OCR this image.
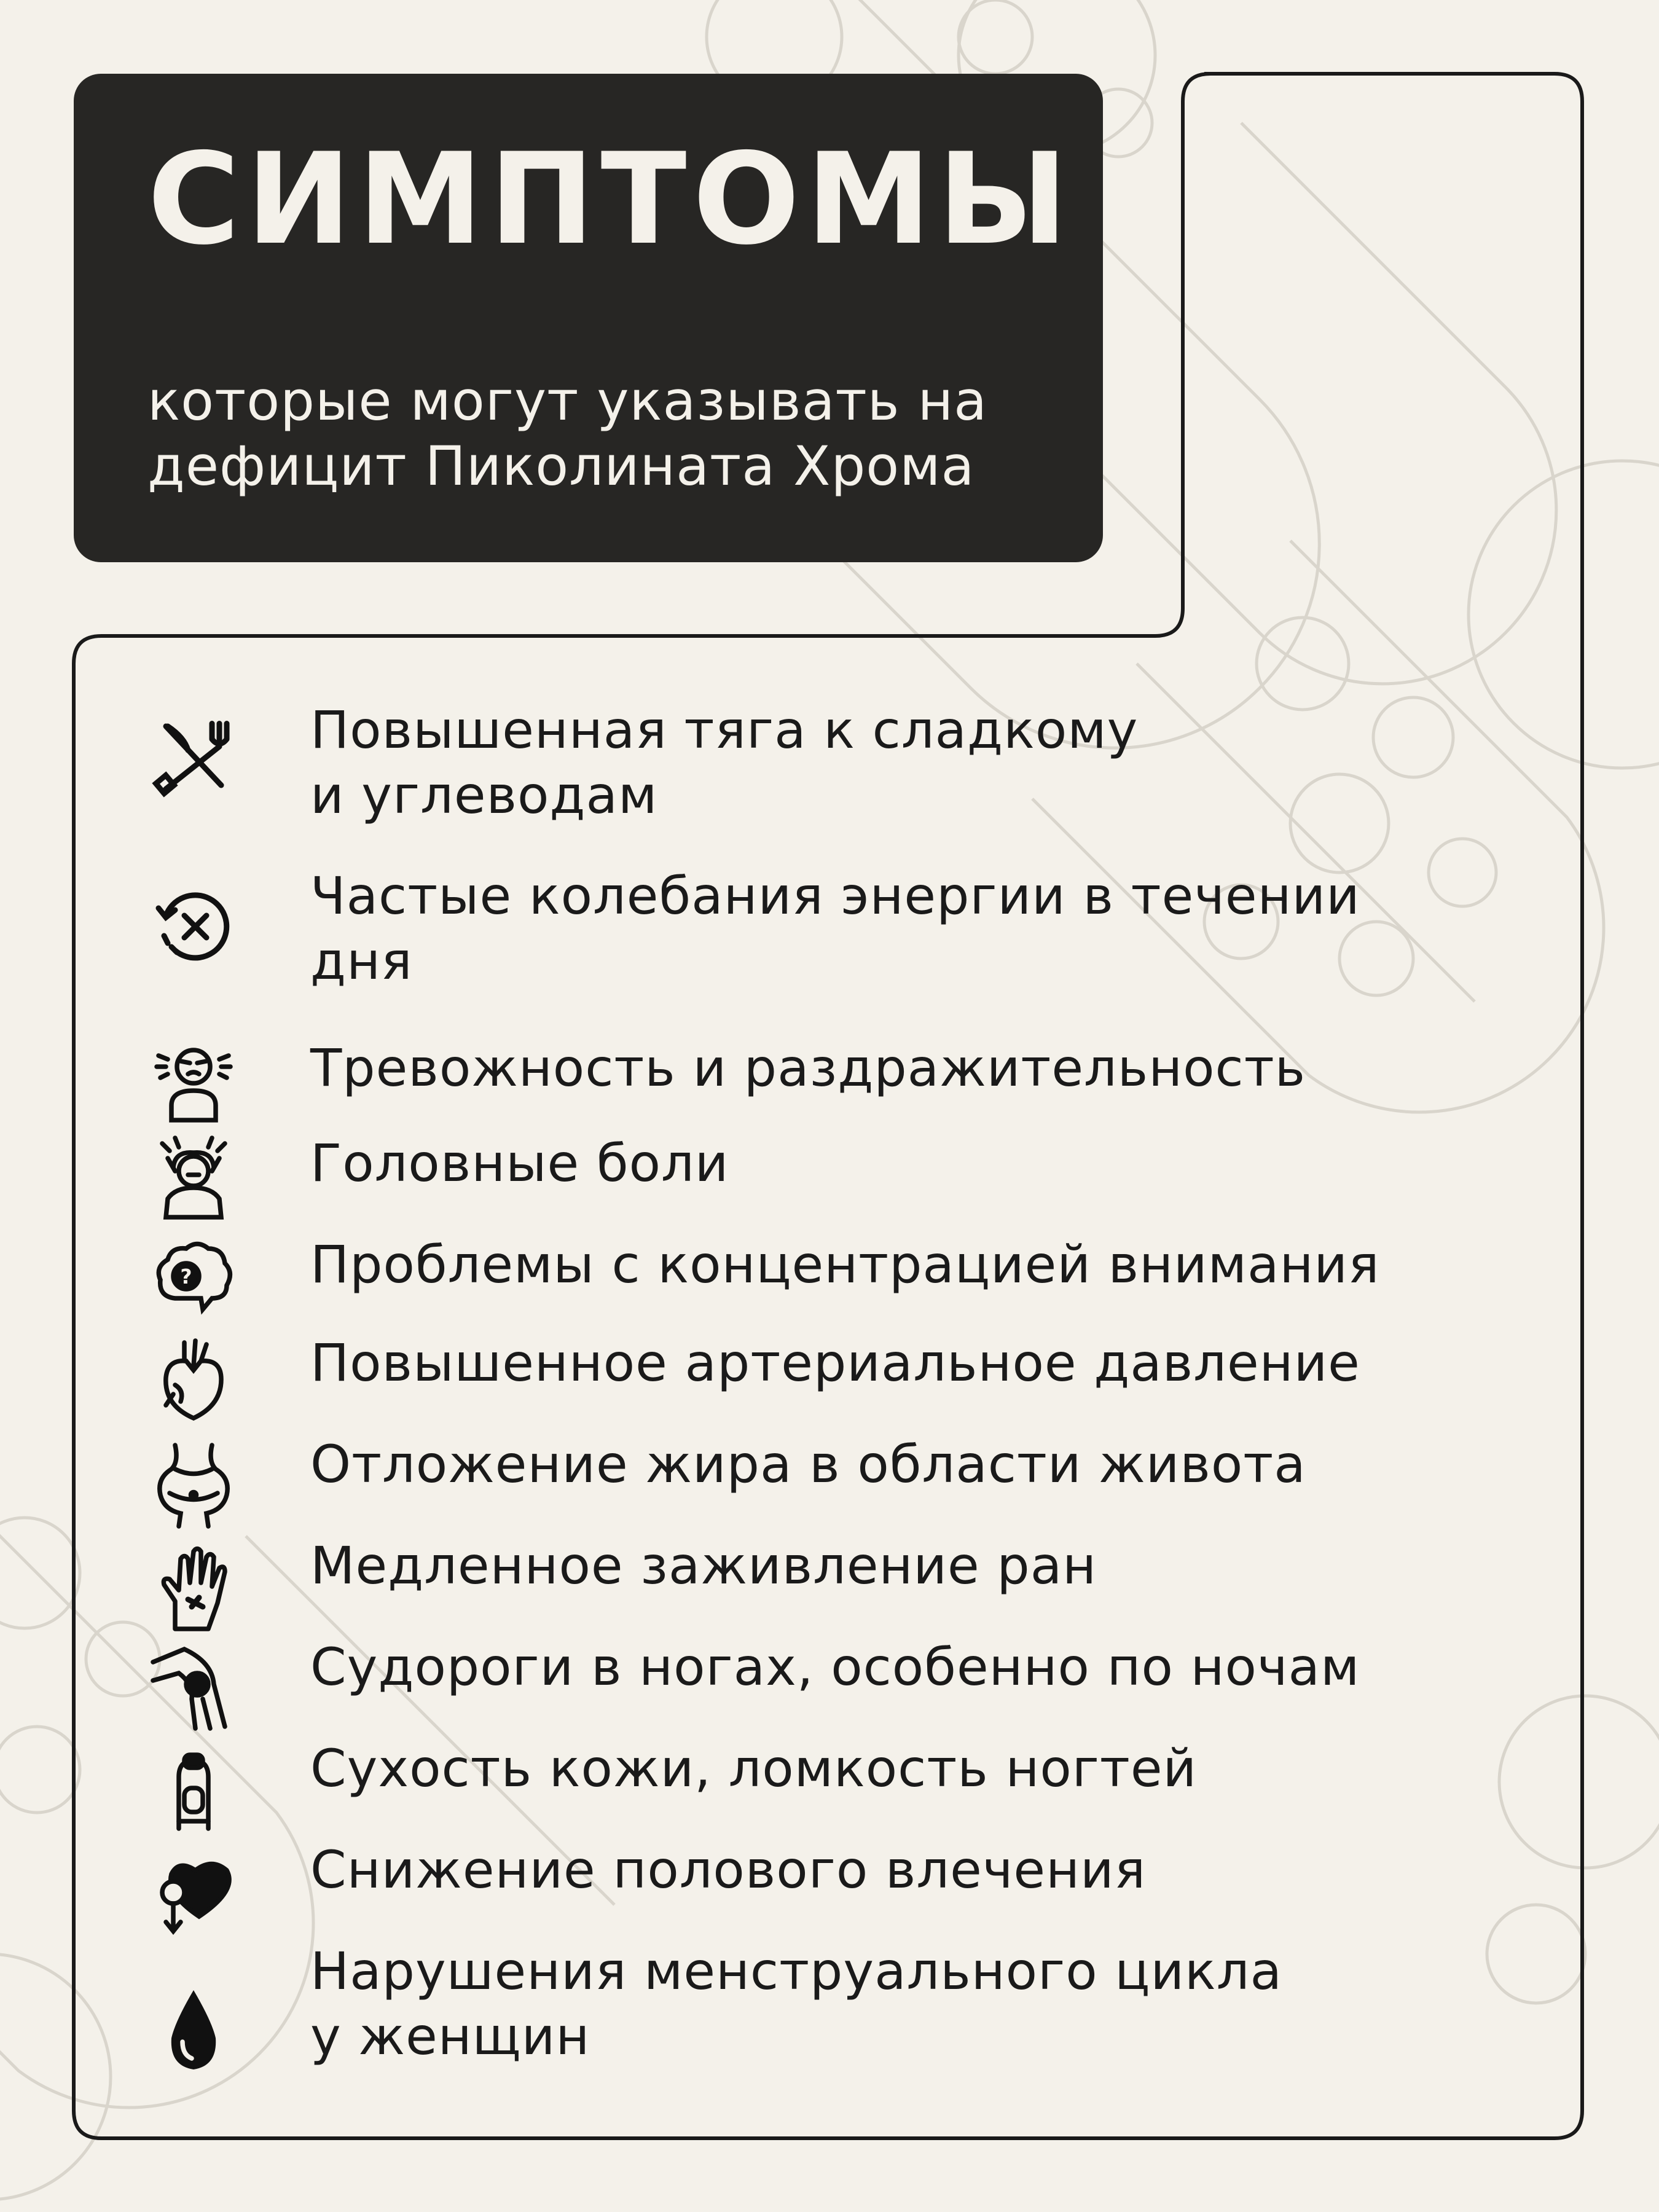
СИМПТОМЫ
которые могут указывать на дефицит Пиколината Хрома
Повышенная тяга к сладкому
и углеводам
Частые колебания энергии в течении
дня
Тревожность и раздражительность
Головные боли
? Проблемы с концентрацией внимания
Повышенное артериальное давление
Отложение жира в области живота
Медленное заживление ран
Судороги в ногах, особенно по ночам
Сухость кожи, ломкость ногтей
Снижение полового влечения
Нарушения менструального цикла
у женщин
